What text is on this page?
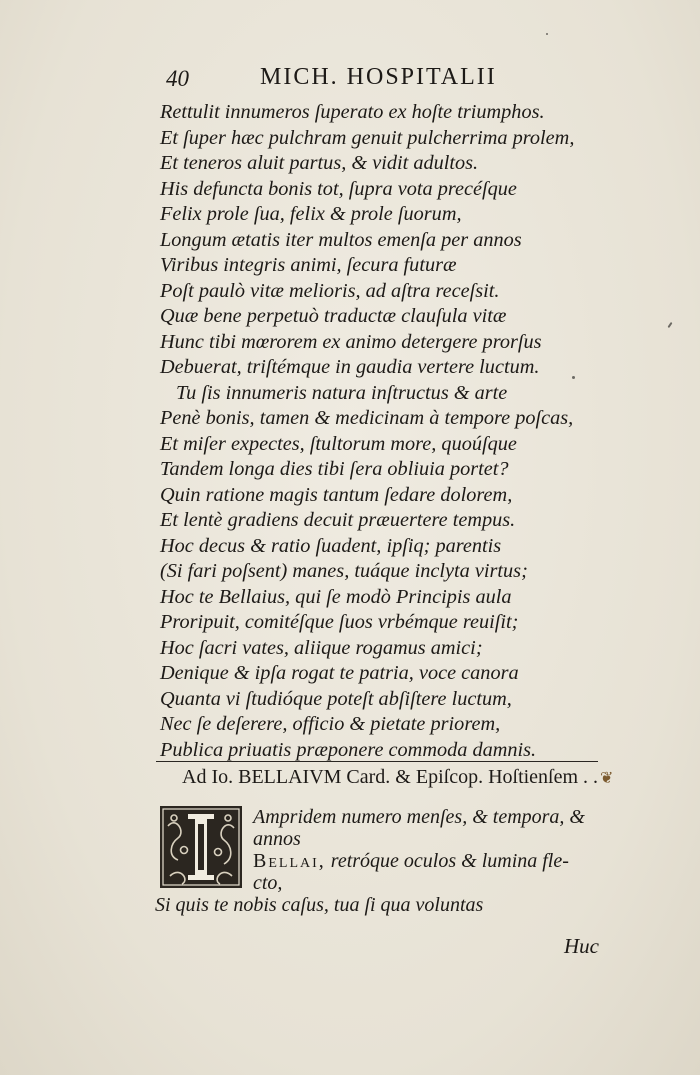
40	MICH. HOSPITALII
Rettulit innumeros ſuperato ex hoſte triumphos.
Et ſuper hæc pulchram genuit pulcherrima prolem,
Et teneros aluit partus, & vidit adultos.
His defuncta bonis tot, ſupra vota precéſque
Felix prole ſua, felix & prole ſuorum,
Longum ætatis iter multos emenſa per annos
Viribus integris animi, ſecura futuræ
Poſt paulò vitæ melioris, ad aſtra receſsit.
Quæ bene perpetuò traductæ clauſula vitæ
Hunc tibi mœrorem ex animo detergere prorſus
Debuerat, triſtémque in gaudia vertere luctum.
Tu ſis innumeris natura inſtructus & arte
Penè bonis, tamen & medicinam à tempore poſcas,
Et miſer expectes, ſtultorum more, quoúſque
Tandem longa dies tibi ſera obliuia portet?
Quin ratione magis tantum ſedare dolorem,
Et lentè gradiens decuit præuertere tempus.
Hoc decus & ratio ſuadent, ipſiq; parentis
(Si fari poſsent) manes, tuáque inclyta virtus;
Hoc te Bellaius, qui ſe modò Principis aula
Proripuit, comitéſque ſuos vrbémque reuiſit;
Hoc ſacri vates, aliique rogamus amici;
Denique & ipſa rogat te patria, voce canora
Quanta vi ſtudióque poteſt abſiſtere luctum,
Nec ſe deſerere, officio & pietate priorem,
Publica priuatis præponere commoda damnis.
Ad Io. BELLAIVM Card. & Epiſcop. Hoſtienſem . . ❦
Ampridem numero menſes, & tempora, &
annos
Bellai, retróque oculos & lumina fle-
cto,
Si quis te nobis caſus, tua ſi qua voluntas
Huc
